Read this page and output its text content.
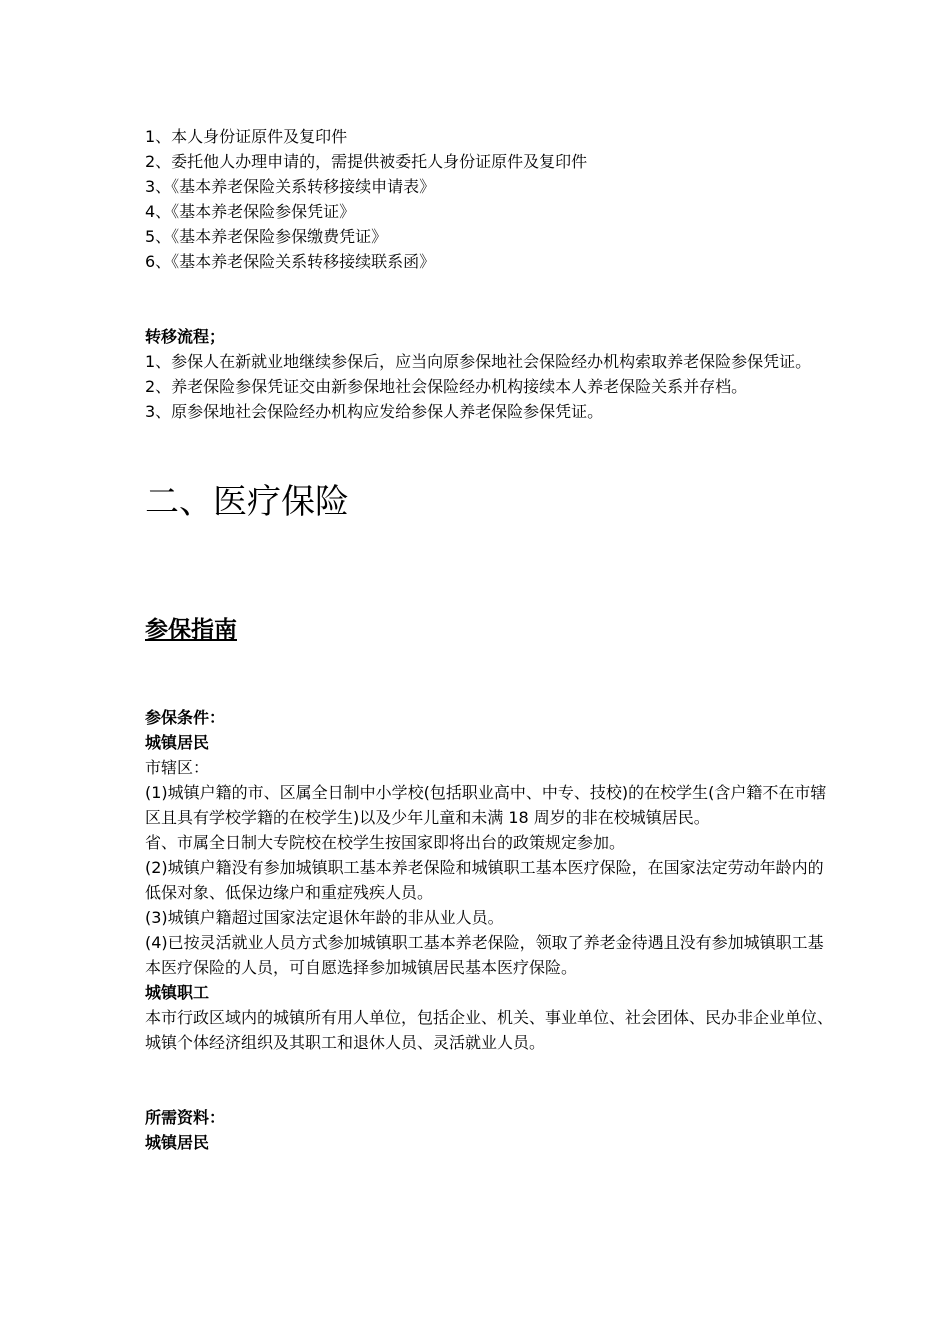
1、本人身份证原件及复印件

2、委托他人办理申请的，需提供被委托人身份证原件及复印件

3、《基本养老保险关系转移接续申请表》

4、《基本养老保险参保凭证》

5、《基本养老保险参保缴费凭证》

6、《基本养老保险关系转移接续联系函》

转移流程；

1、参保人在新就业地继续参保后，应当向原参保地社会保险经办机构索取养老保险参保凭证。

2、养老保险参保凭证交由新参保地社会保险经办机构接续本人养老保险关系并存档。

3、原参保地社会保险经办机构应发给参保人养老保险参保凭证。

二、医疗保险
参保指南

参保条件：

城镇居民

市辖区：

(1)城镇户籍的市、区属全日制中小学校(包括职业高中、中专、技校)的在校学生(含户籍不在市辖区且具有学校学籍的在校学生)以及少年儿童和未满 18 周岁的非在校城镇居民。

省、市属全日制大专院校在校学生按国家即将出台的政策规定参加。

(2)城镇户籍没有参加城镇职工基本养老保险和城镇职工基本医疗保险，在国家法定劳动年龄内的低保对象、低保边缘户和重症残疾人员。

(3)城镇户籍超过国家法定退休年龄的非从业人员。

(4)已按灵活就业人员方式参加城镇职工基本养老保险，领取了养老金待遇且没有参加城镇职工基本医疗保险的人员，可自愿选择参加城镇居民基本医疗保险。

城镇职工

本市行政区域内的城镇所有用人单位，包括企业、机关、事业单位、社会团体、民办非企业单位、城镇个体经济组织及其职工和退休人员、灵活就业人员。

所需资料：

城镇居民
